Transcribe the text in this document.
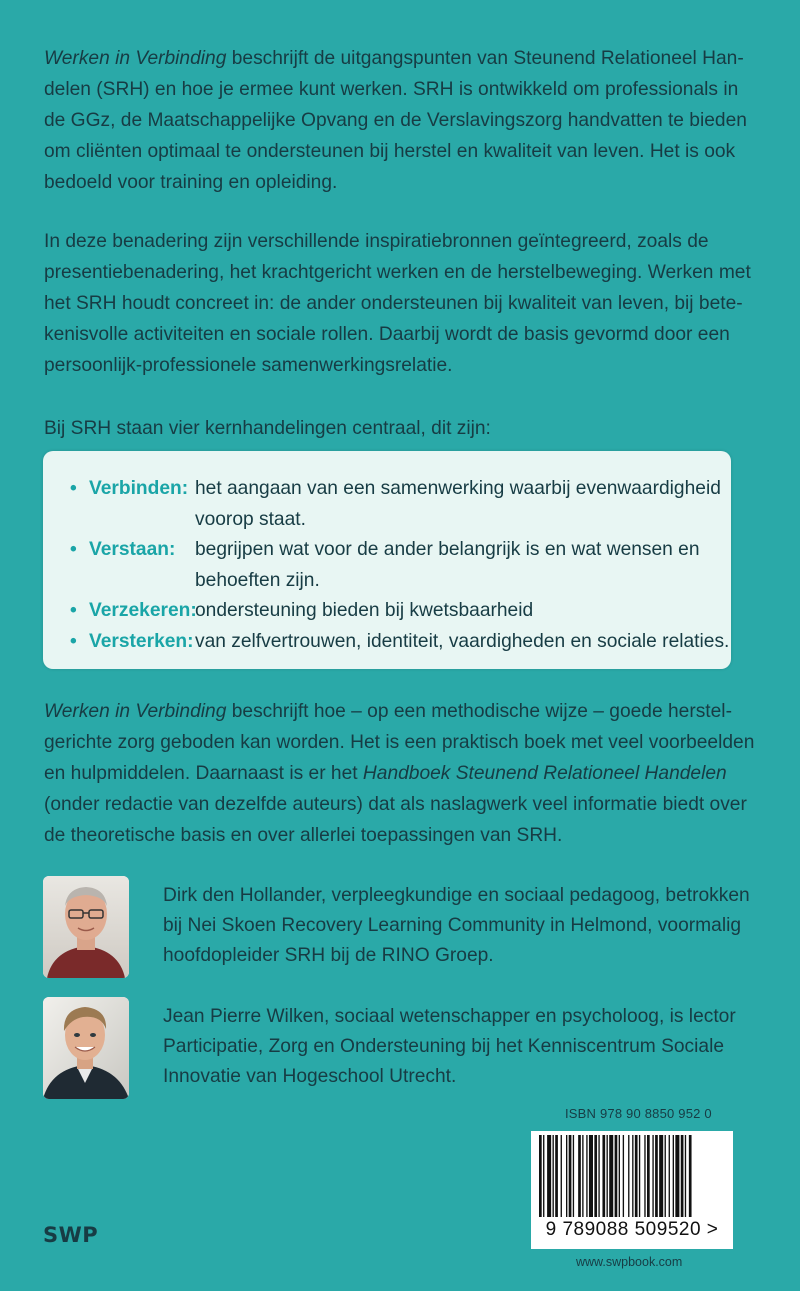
Werken in Verbinding beschrijft de uitgangspunten van Steunend Relationeel Han-
delen (SRH) en hoe je ermee kunt werken. SRH is ontwikkeld om professionals in
de GGz, de Maatschappelijke Opvang en de Verslavingszorg handvatten te bieden
om cliënten optimaal te ondersteunen bij herstel en kwaliteit van leven. Het is ook
bedoeld voor training en opleiding.
In deze benadering zijn verschillende inspiratiebronnen geïntegreerd, zoals de
presentiebenadering, het krachtgericht werken en de herstelbeweging. Werken met
het SRH houdt concreet in: de ander ondersteunen bij kwaliteit van leven, bij bete-
kenisvolle activiteiten en sociale rollen. Daarbij wordt de basis gevormd door een
persoonlijk-professionele samenwerkingsrelatie.
Bij SRH staan vier kernhandelingen centraal, dit zijn:
• Verbinden: het aangaan van een samenwerking waarbij evenwaardigheid
voorop staat.
• Verstaan: begrijpen wat voor de ander belangrijk is en wat wensen en
behoeften zijn.
• Verzekeren:
ondersteuning bieden bij kwetsbaarheid
• Versterken: van zelfvertrouwen, identiteit, vaardigheden en sociale relaties.
Werken in Verbinding beschrijft hoe – op een methodische wijze – goede herstel-
gerichte zorg geboden kan worden. Het is een praktisch boek met veel voorbeelden
en hulpmiddelen. Daarnaast is er het Handboek Steunend Relationeel Handelen
(onder redactie van dezelfde auteurs) dat als naslagwerk veel informatie biedt over
de theoretische basis en over allerlei toepassingen van SRH.
Dirk den Hollander, verpleegkundige en sociaal pedagoog, betrokken
bij Nei Skoen Recovery Learning Community in Helmond, voormalig
hoofdopleider SRH bij de RINO Groep.
Jean Pierre Wilken, sociaal wetenschapper en psycholoog, is lector
Participatie, Zorg en Ondersteuning bij het Kenniscentrum Sociale
Innovatie van Hogeschool Utrecht.
ISBN 978 90 8850 952 0
9 789088 509520 >
www.swpbook.com
SWP
